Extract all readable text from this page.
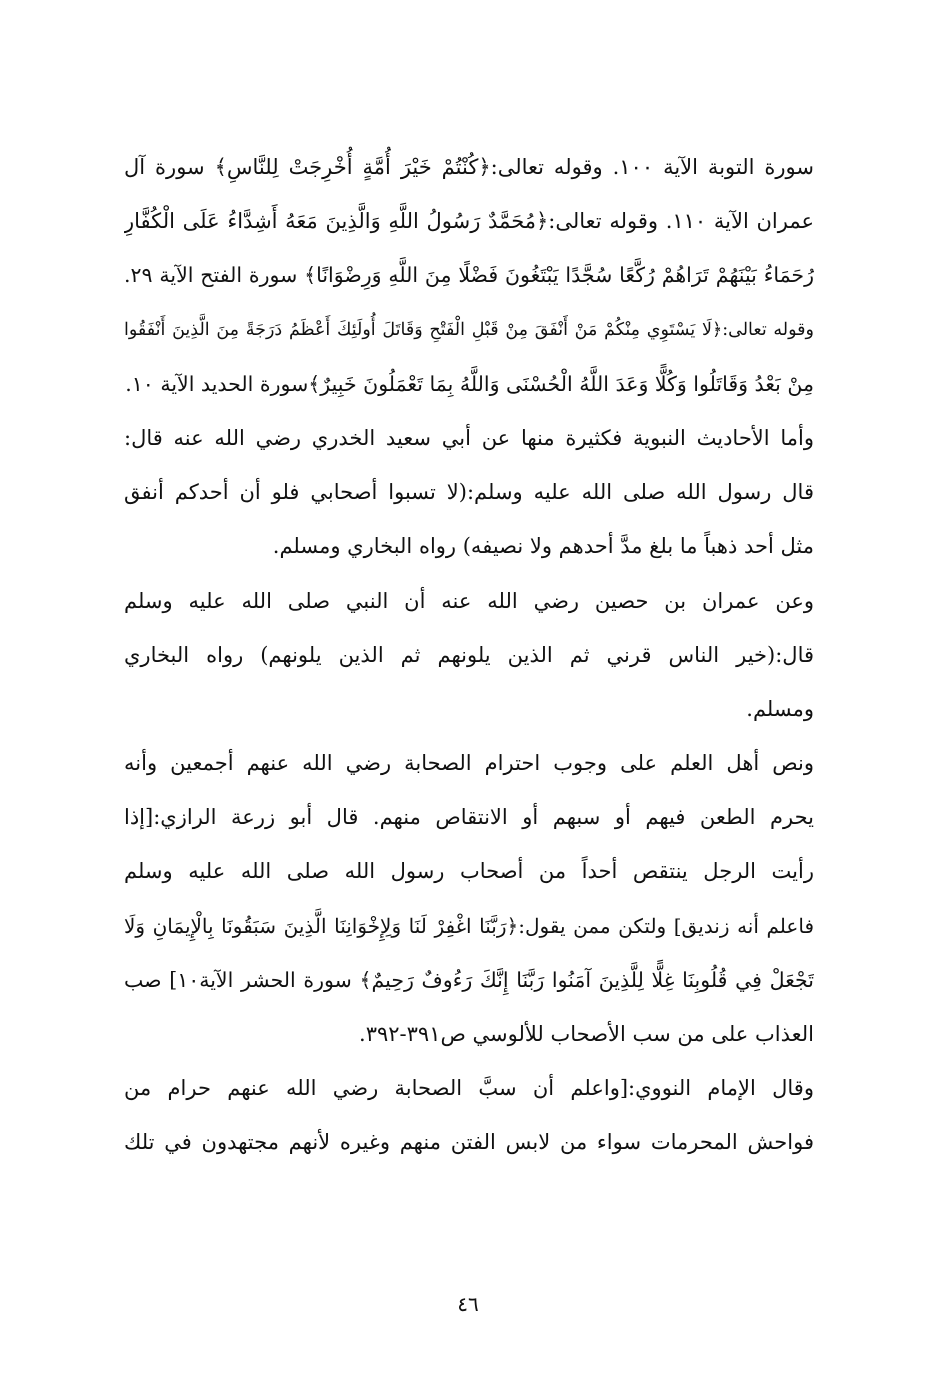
سورة التوبة الآية ١٠٠. وقوله تعالى:﴿كُنْتُمْ خَيْرَ أُمَّةٍ أُخْرِجَتْ لِلنَّاسِ﴾ سورة آل
عمران الآية ١١٠. وقوله تعالى:﴿مُحَمَّدٌ رَسُولُ اللَّهِ وَالَّذِينَ مَعَهُ أَشِدَّاءُ عَلَى الْكُفَّارِ
رُحَمَاءُ بَيْنَهُمْ تَرَاهُمْ رُكَّعًا سُجَّدًا يَبْتَغُونَ فَضْلًا مِنَ اللَّهِ وَرِضْوَانًا﴾ سورة الفتح الآية ٢٩.
وقوله تعالى:﴿لَا يَسْتَوِي مِنْكُمْ مَنْ أَنْفَقَ مِنْ قَبْلِ الْفَتْحِ وَقَاتَلَ أُولَئِكَ أَعْظَمُ دَرَجَةً مِنَ الَّذِينَ أَنْفَقُوا
مِنْ بَعْدُ وَقَاتَلُوا وَكُلًّا وَعَدَ اللَّهُ الْحُسْنَى وَاللَّهُ بِمَا تَعْمَلُونَ خَبِيرٌ﴾سورة الحديد الآية ١٠.
وأما الأحاديث النبوية فكثيرة منها عن أبي سعيد الخدري رضي الله عنه قال:
قال رسول الله صلى الله عليه وسلم:(لا تسبوا أصحابي فلو أن أحدكم أنفق
مثل أحد ذهباً ما بلغ مدَّ أحدهم ولا نصيفه) رواه البخاري ومسلم.
وعن عمران بن حصين رضي الله عنه أن النبي صلى الله عليه وسلم
قال:(خير الناس قرني ثم الذين يلونهم ثم الذين يلونهم) رواه البخاري
ومسلم.
ونص أهل العلم على وجوب احترام الصحابة رضي الله عنهم أجمعين وأنه
يحرم الطعن فيهم أو سبهم أو الانتقاص منهم. قال أبو زرعة الرازي:[إذا
رأيت الرجل ينتقص أحداً من أصحاب رسول الله صلى الله عليه وسلم
فاعلم أنه زنديق] ولتكن ممن يقول:﴿رَبَّنَا اغْفِرْ لَنَا وَلِإِخْوَانِنَا الَّذِينَ سَبَقُونَا بِالْإِيمَانِ وَلَا
تَجْعَلْ فِي قُلُوبِنَا غِلًّا لِلَّذِينَ آمَنُوا رَبَّنَا إِنَّكَ رَءُوفٌ رَحِيمٌ﴾ سورة الحشر الآية١٠] صب
العذاب على من سب الأصحاب للألوسي ص٣٩١-٣٩٢.
وقال الإمام النووي:[واعلم أن سبَّ الصحابة رضي الله عنهم حرام من
فواحش المحرمات سواء من لابس الفتن منهم وغيره لأنهم مجتهدون في تلك
٤٦
